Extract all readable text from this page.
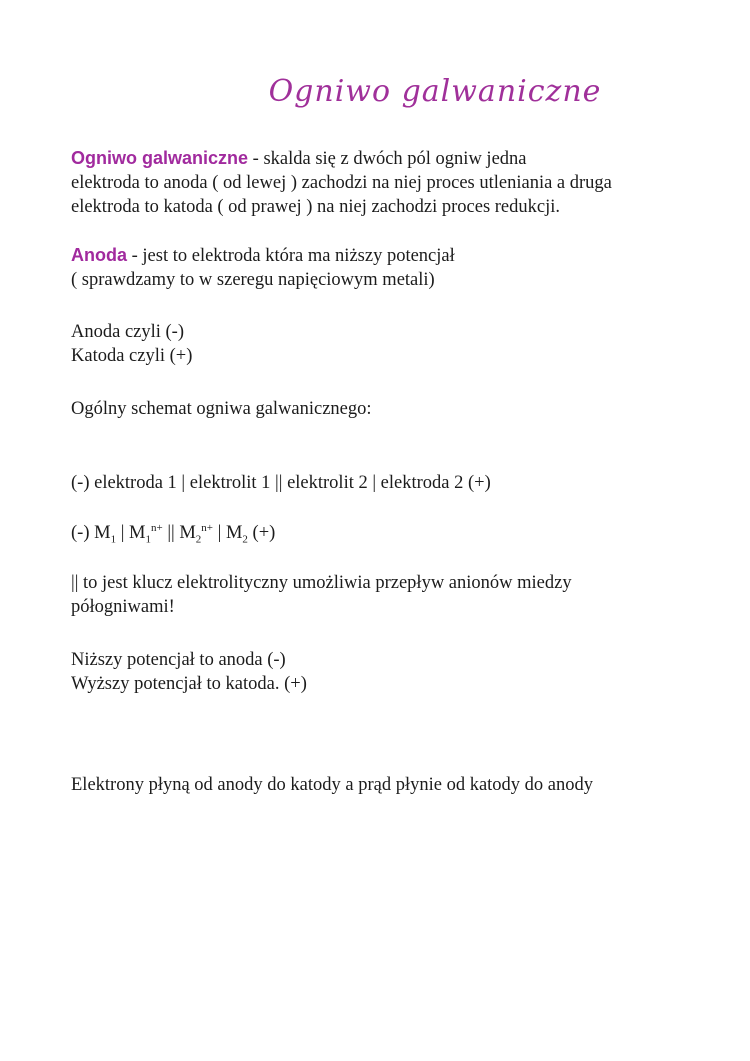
Ogniwo galwaniczne
Ogniwo galwaniczne - skalda się z dwóch pól ogniw jedna
elektroda to anoda ( od lewej ) zachodzi na niej proces utleniania a druga
elektroda to katoda ( od prawej ) na niej zachodzi proces redukcji.
Anoda - jest to elektroda która ma niższy potencjał
( sprawdzamy to w szeregu napięciowym metali)
Anoda czyli (-)
Katoda czyli (+)
Ogólny schemat ogniwa galwanicznego:
(-) elektroda 1 | elektrolit 1 || elektrolit 2 | elektroda 2 (+)
(-) $M_1$ | $M_1^{n+}$ || $M_2^{n+}$ | $M_2$ (+)
|| to jest klucz elektrolityczny umożliwia przepływ anionów miedzy
półogniwami!
Niższy potencjał to anoda (-)
Wyższy potencjał to katoda. (+)
Elektrony płyną od anody do katody a prąd płynie od katody do anody
